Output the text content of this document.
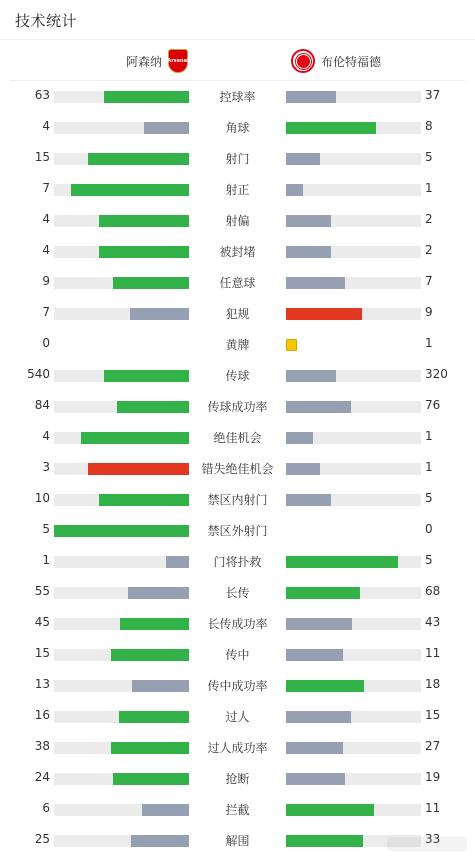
技术统计
阿森纳 Arsenal	布伦特福德
63	控球率	37
4	角球	8
15	射门	5
7	射正	1
4	射偏	2
4	被封堵	2
9	任意球	7
7	犯规	9
0	黄牌	1
540	传球	320
84	传球成功率	76
4	绝佳机会	1
3	错失绝佳机会	1
10	禁区内射门	5
5	禁区外射门	0
1	门将扑救	5
55	长传	68
45	长传成功率	43
15	传中	11
13	传中成功率	18
16	过人	15
38	过人成功率	27
24	抢断	19
6	拦截	11
25	解围	33
